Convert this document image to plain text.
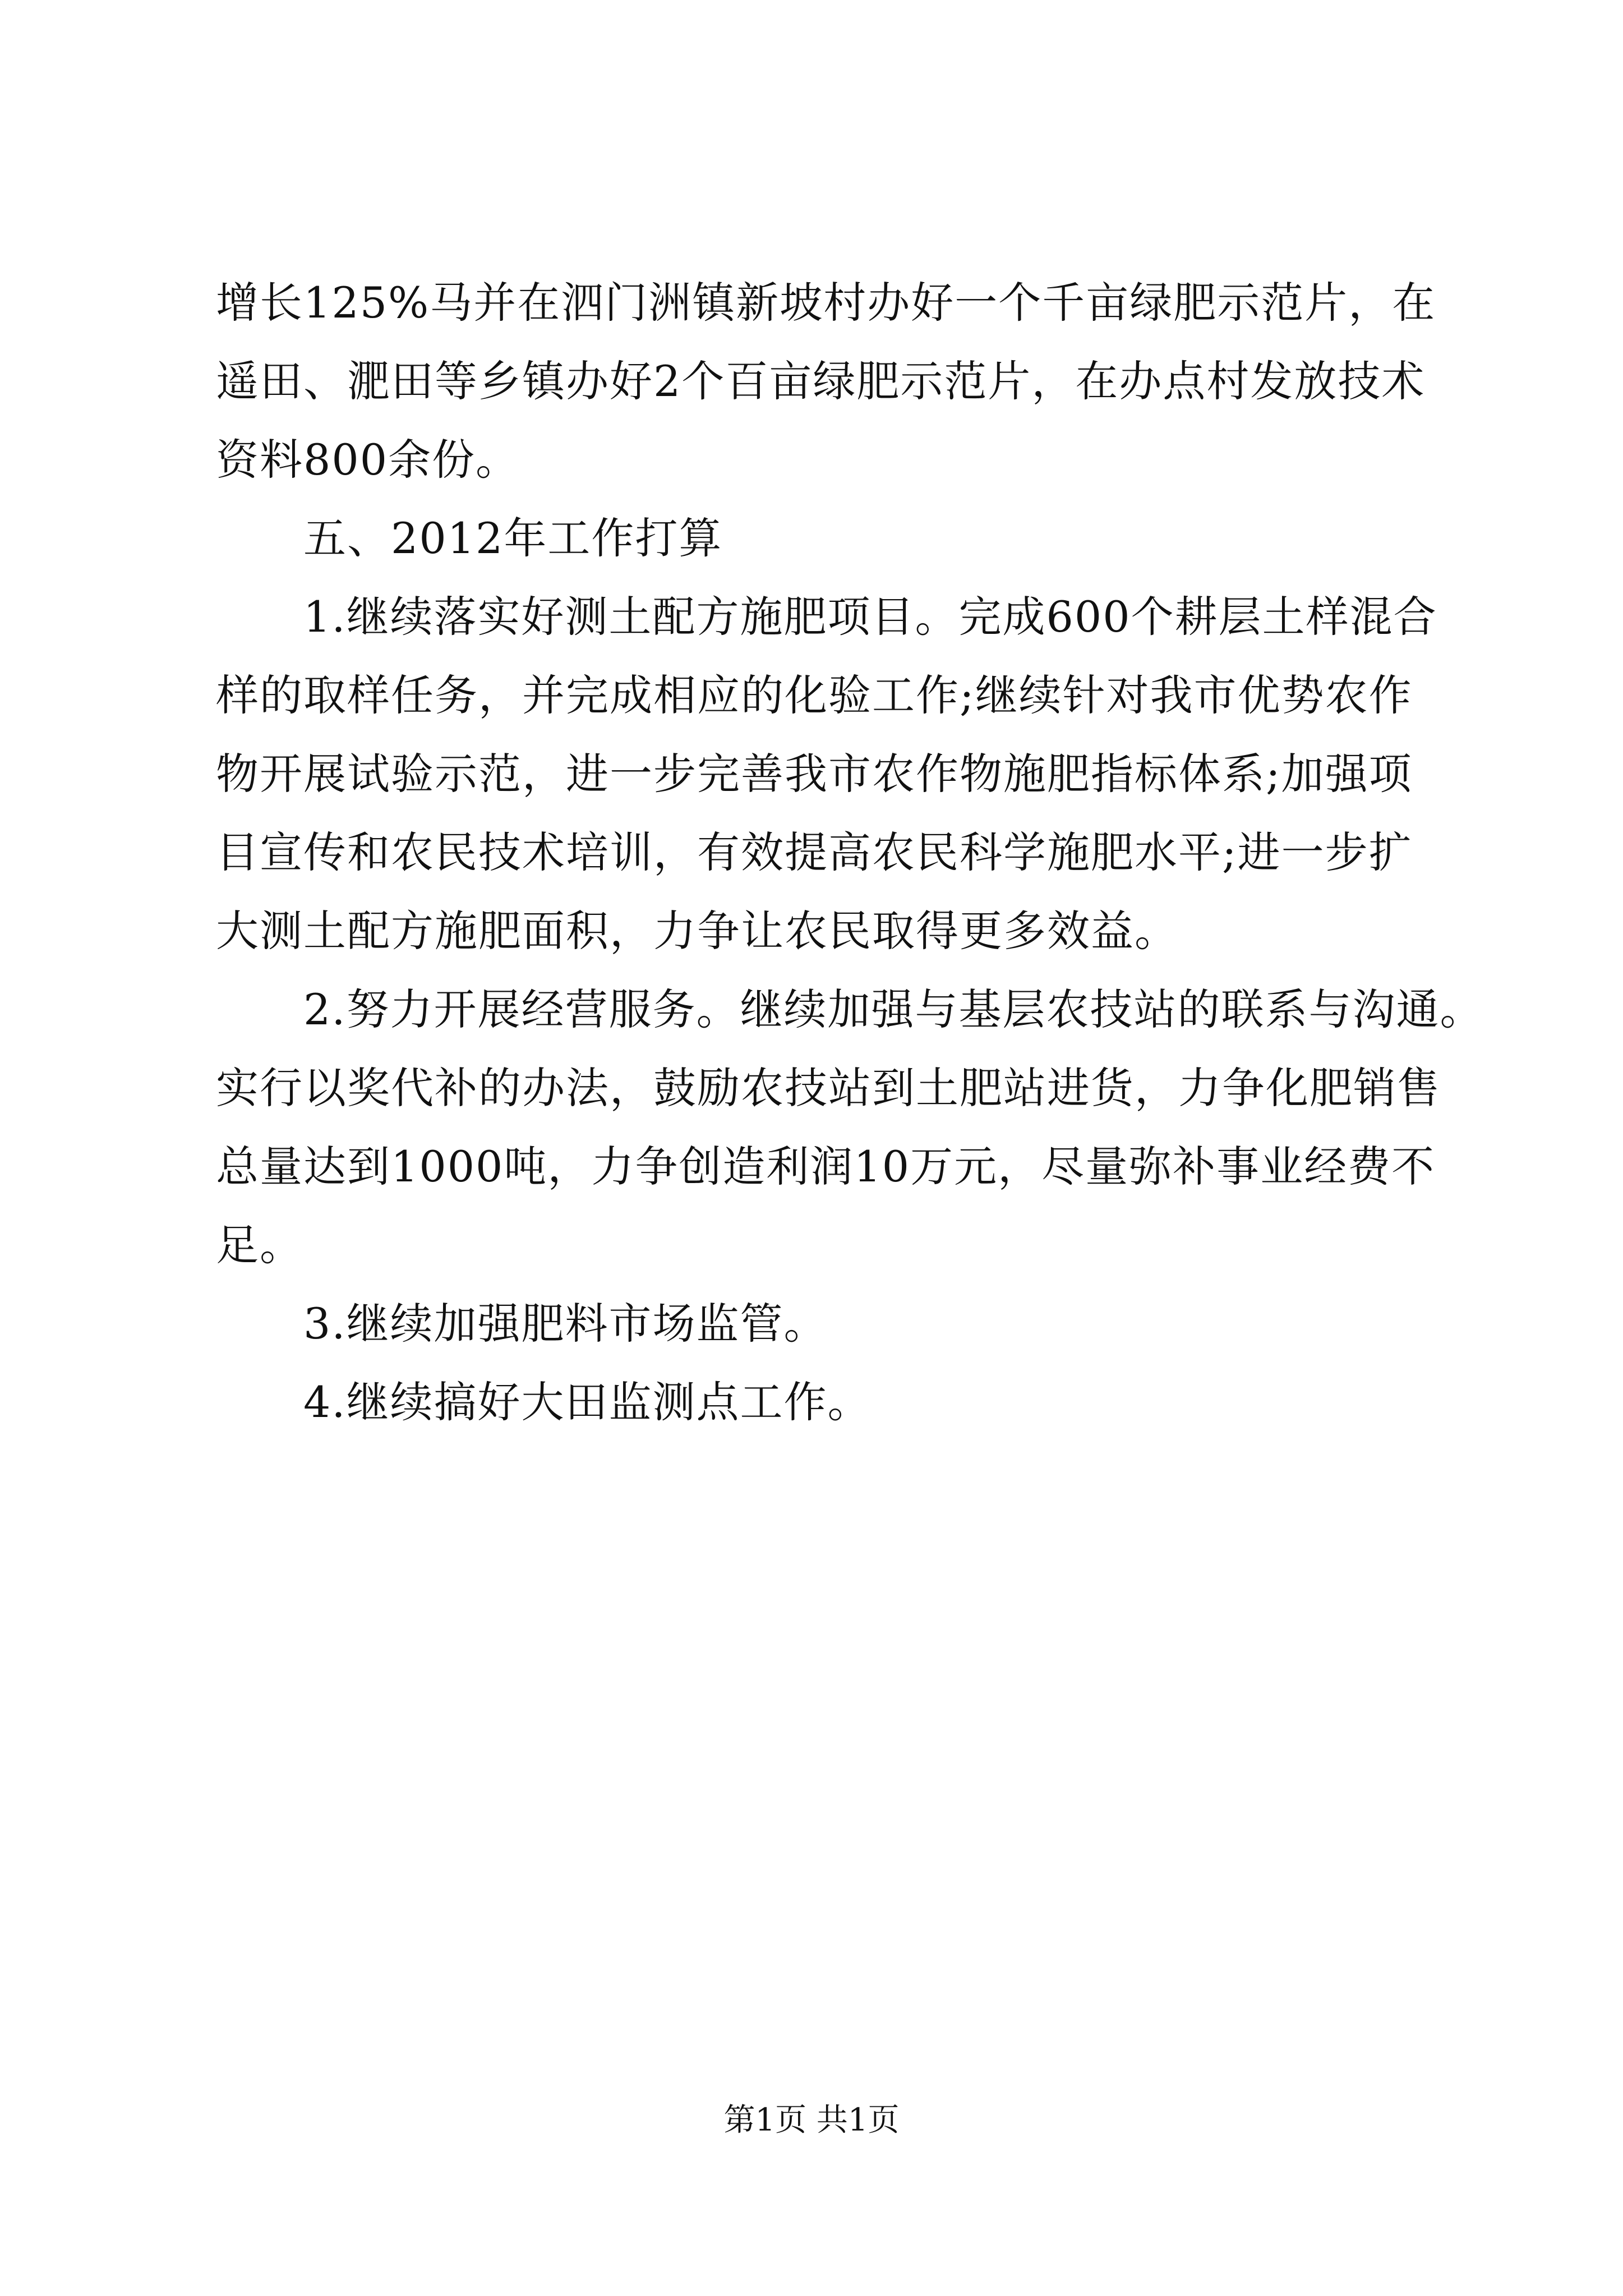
增长125%马并在泗门洲镇新坡村办好一个千亩绿肥示范片，在
遥田、淝田等乡镇办好2个百亩绿肥示范片，在办点村发放技术
资料800余份。
五、2012年工作打算
1.继续落实好测土配方施肥项目。完成600个耕层土样混合
样的取样任务，并完成相应的化验工作;继续针对我市优势农作
物开展试验示范，进一步完善我市农作物施肥指标体系;加强项
目宣传和农民技术培训，有效提高农民科学施肥水平;进一步扩
大测土配方施肥面积，力争让农民取得更多效益。
2.努力开展经营服务。继续加强与基层农技站的联系与沟通。
实行以奖代补的办法，鼓励农技站到土肥站进货，力争化肥销售
总量达到1000吨，力争创造利润10万元，尽量弥补事业经费不
足。
3.继续加强肥料市场监管。
4.继续搞好大田监测点工作。
第1页 共1页
